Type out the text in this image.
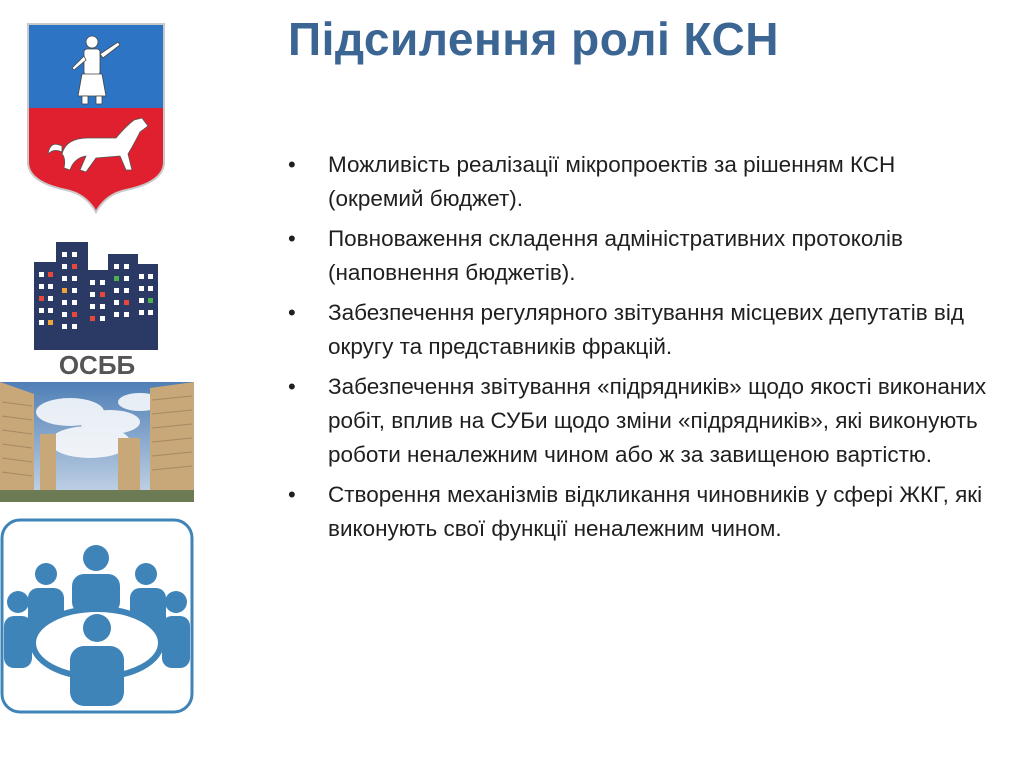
Підсилення ролі КСН
• Можливість реалізації мікропроектів за рішенням КСН (окремий бюджет).
• Повноваження складення адміністративних протоколів (наповнення бюджетів).
• Забезпечення регулярного звітування місцевих депутатів від округу та представників фракцій.
• Забезпечення звітування «підрядників» щодо якості виконаних робіт, вплив на СУБи щодо зміни «підрядників», які виконують роботи неналежним чином або ж за завищеною вартістю.
• Створення механізмів відкликання чиновників у сфері ЖКГ, які виконують свої функції неналежним чином.
ОСББ
